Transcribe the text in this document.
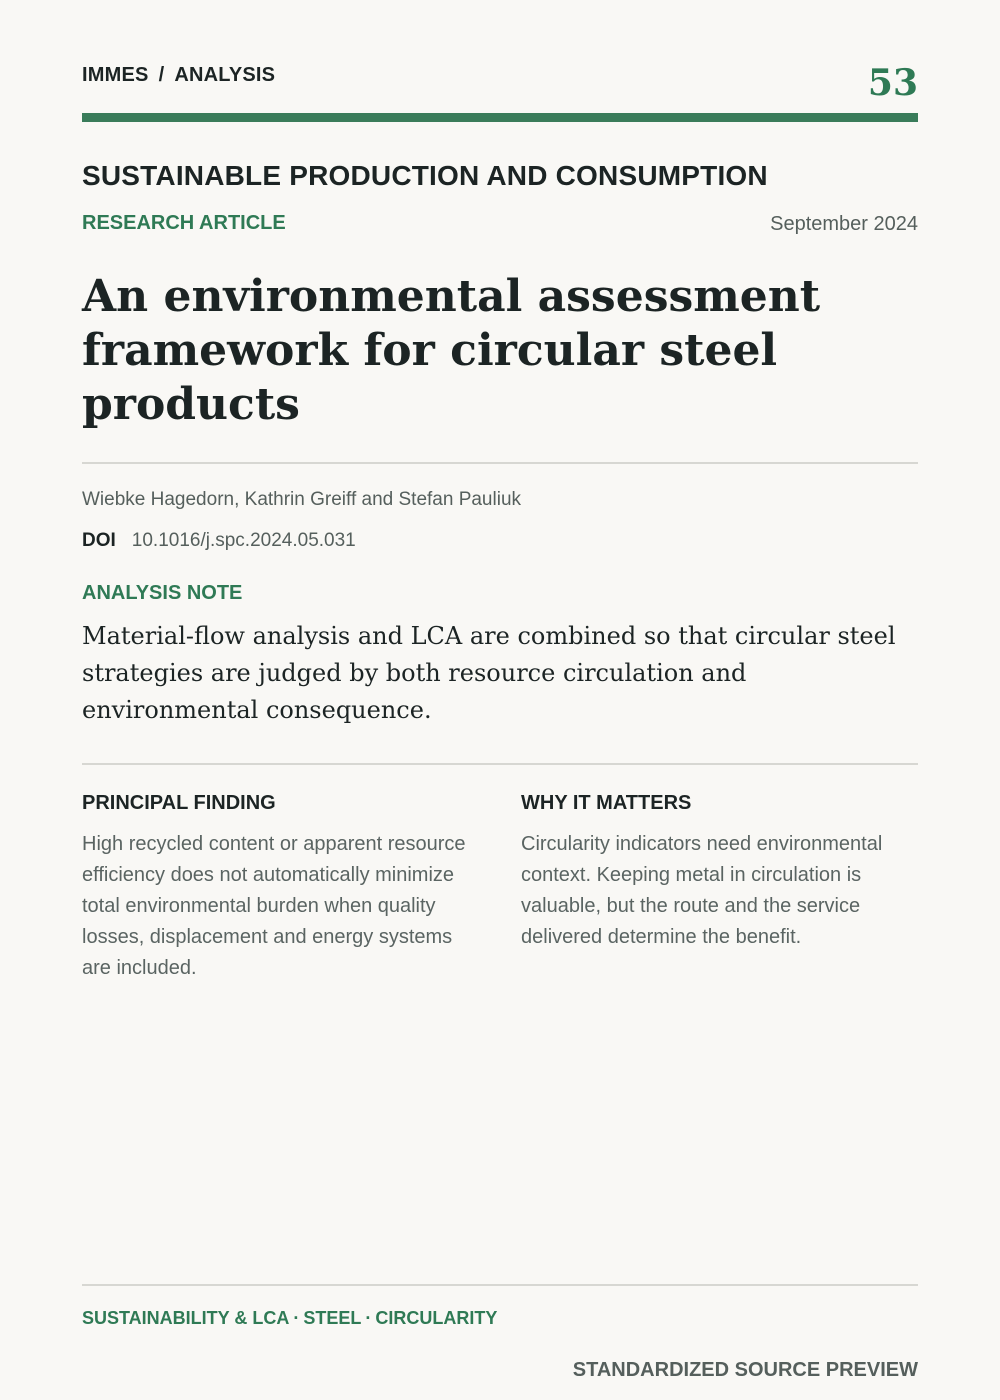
IMMES / ANALYSIS	53
SUSTAINABLE PRODUCTION AND CONSUMPTION
RESEARCH ARTICLE	September 2024
An environmental assessment framework for circular steel products
Wiebke Hagedorn, Kathrin Greiff and Stefan Pauliuk
DOI 10.1016/j.spc.2024.05.031
ANALYSIS NOTE

Material-flow analysis and LCA are combined so that circular steel strategies are judged by both resource circulation and environmental consequence.

PRINCIPAL FINDING

High recycled content or apparent resource efficiency does not automatically minimize total environmental burden when quality losses, displacement and energy systems are included.

WHY IT MATTERS

Circularity indicators need environmental context. Keeping metal in circulation is valuable, but the route and the service delivered determine the benefit.

SUSTAINABILITY & LCA · STEEL · CIRCULARITY
STANDARDIZED SOURCE PREVIEW
